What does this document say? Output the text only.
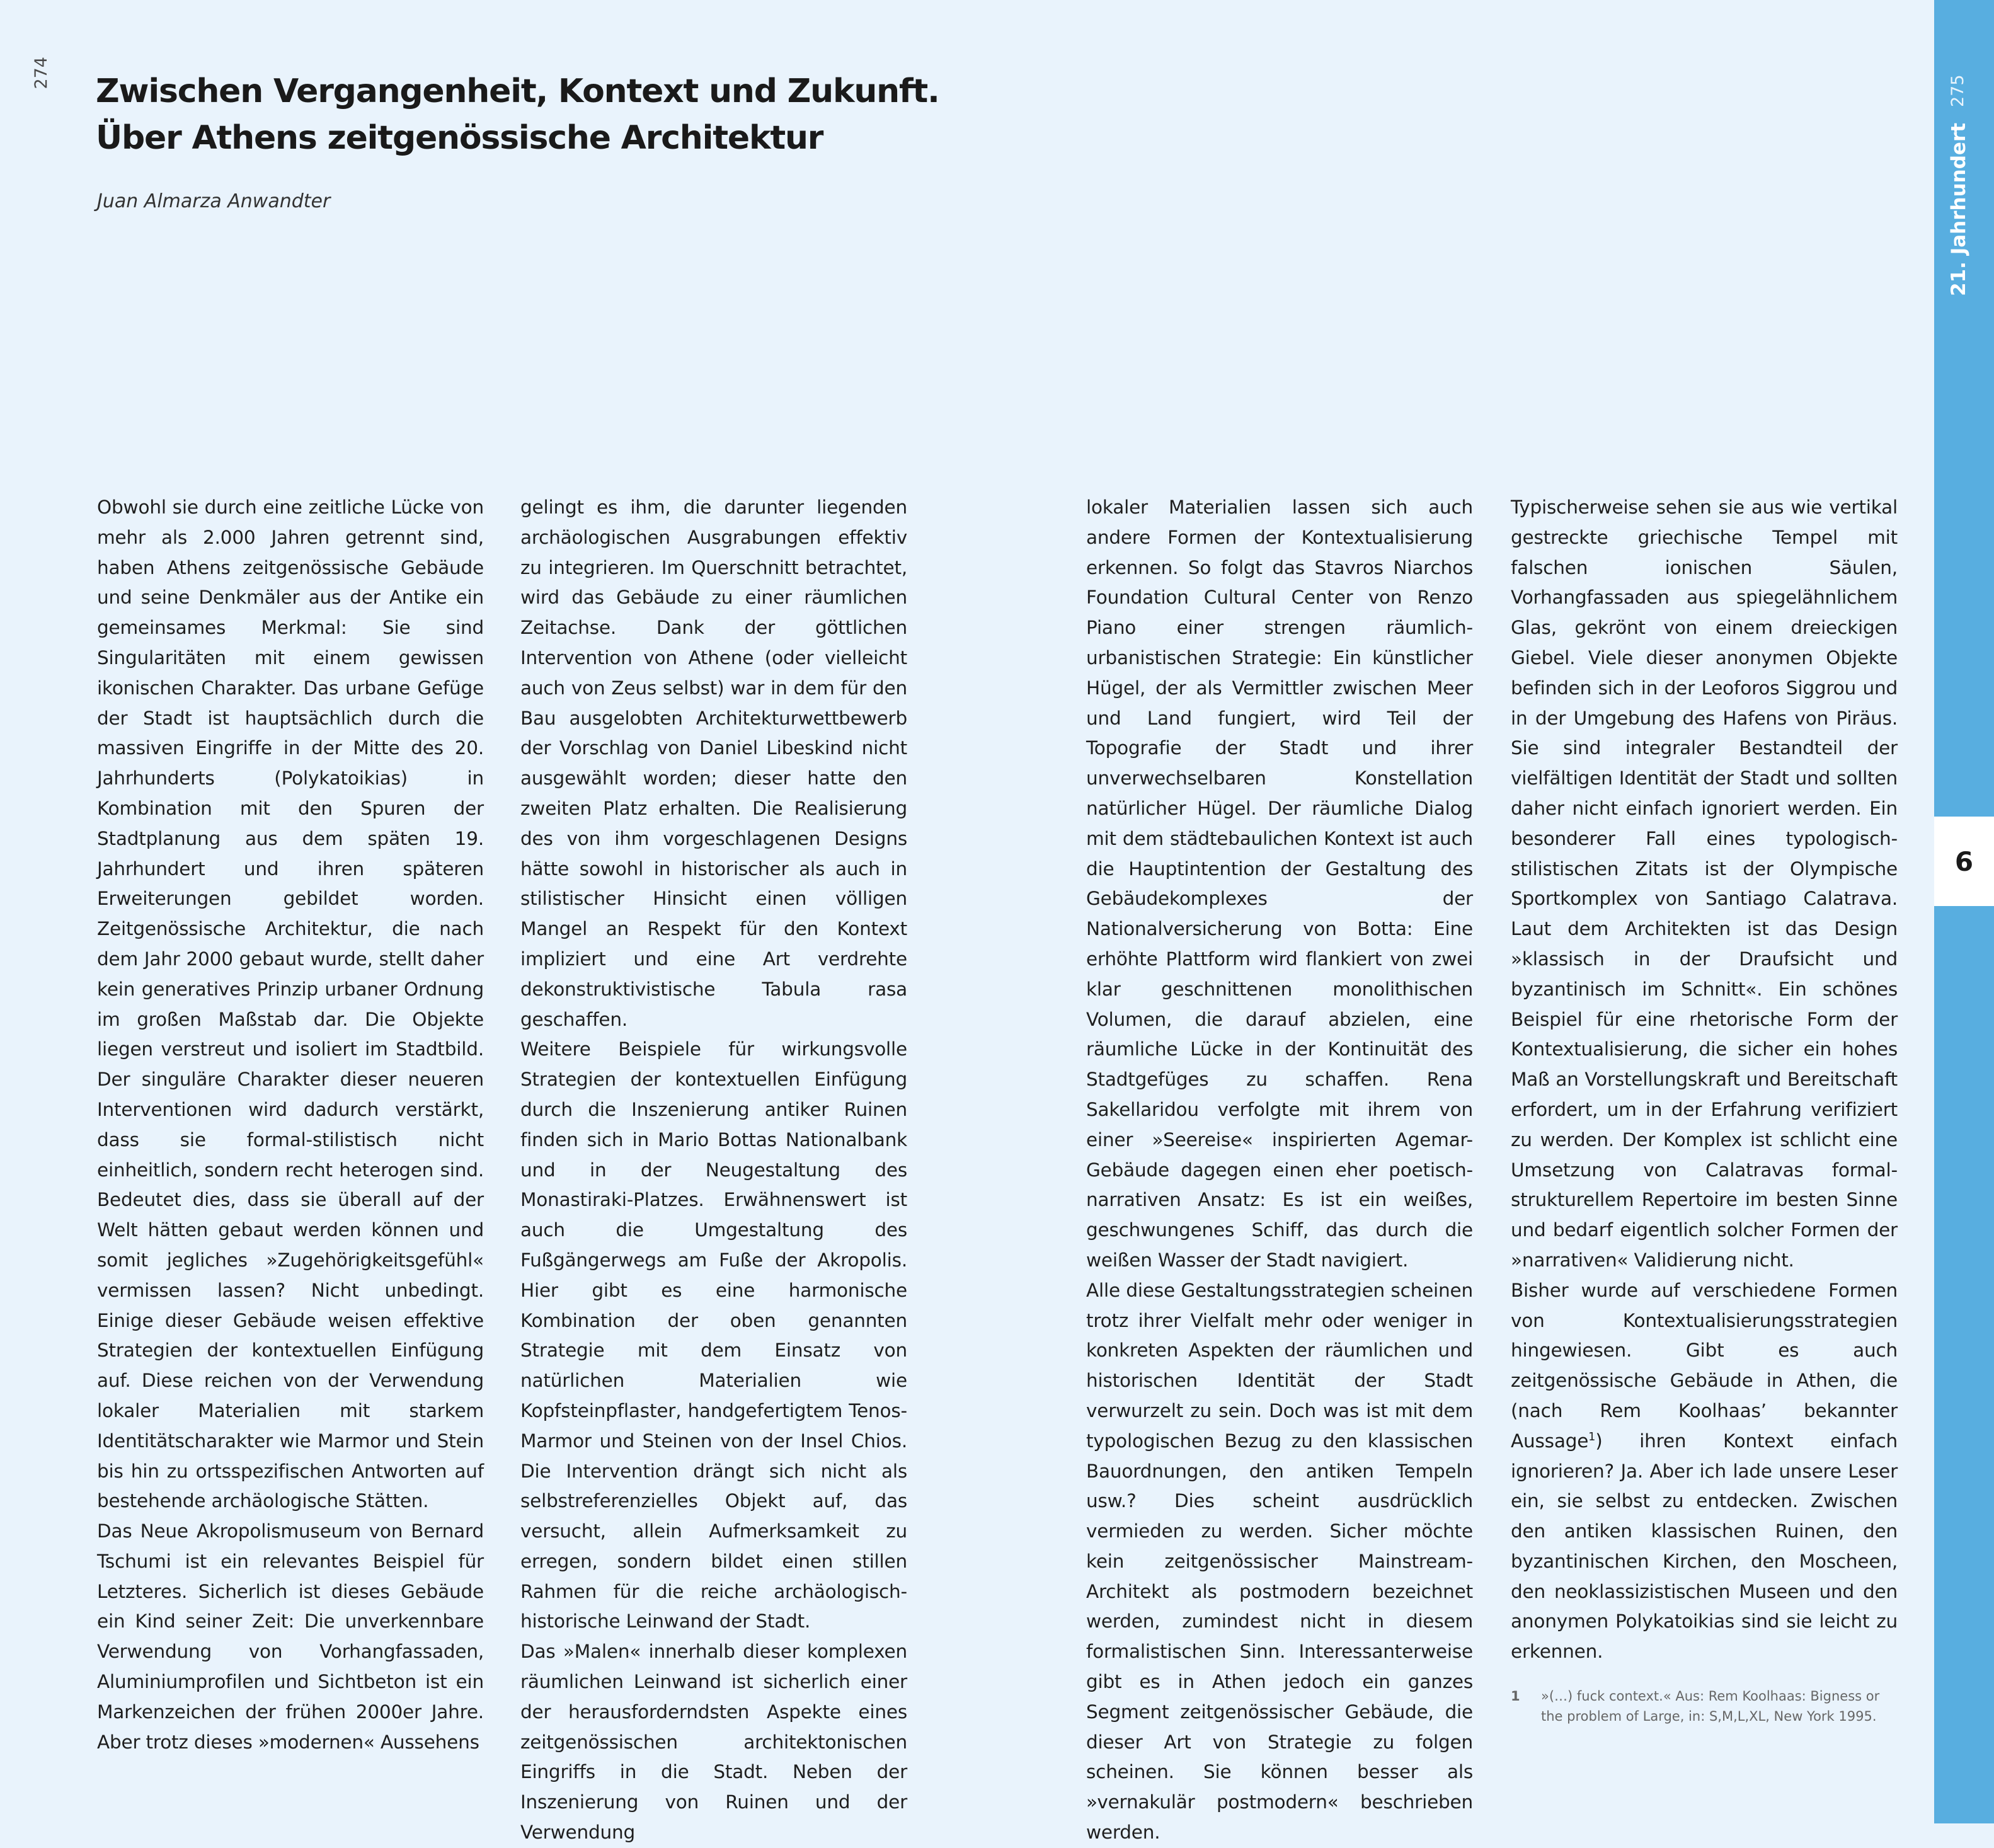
274 Zwischen Vergangenheit, Kontext und Zukunft.
Über Athens zeitgenössische Architektur
Juan Almarza Anwandter

Obwohl sie durch eine zeitliche Lücke von mehr als 2.000 Jahren getrennt sind, haben Athens zeitgenössische Gebäude und seine Denkmäler aus der Antike ein gemeinsames Merkmal: Sie sind Singularitäten mit einem gewissen ikonischen Charakter. Das urbane Gefüge der Stadt ist hauptsächlich durch die massiven Eingriffe in der Mitte des 20. Jahrhunderts (Polykatoikias) in Kombination mit den Spuren der Stadtplanung aus dem späten 19. Jahrhundert und ihren späteren Erweiterungen gebildet worden. Zeitgenössische Architektur, die nach dem Jahr 2000 gebaut wurde, stellt daher kein generatives Prinzip urbaner Ordnung im großen Maßstab dar. Die Objekte liegen verstreut und isoliert im Stadtbild. Der singuläre Charakter dieser neueren Interventionen wird dadurch verstärkt, dass sie formal-stilistisch nicht einheitlich, sondern recht heterogen sind. Bedeutet dies, dass sie überall auf der Welt hätten gebaut werden können und somit jegliches »Zugehörigkeitsgefühl« vermissen lassen? Nicht unbedingt. Einige dieser Gebäude weisen effektive Strategien der kontextuellen Einfügung auf. Diese reichen von der Verwendung lokaler Materialien mit starkem Identitätscharakter wie Marmor und Stein bis hin zu ortsspezifischen Antworten auf bestehende archäologische Stätten.

Das Neue Akropolismuseum von Bernard Tschumi ist ein relevantes Beispiel für Letzteres. Sicherlich ist dieses Gebäude ein Kind seiner Zeit: Die unverkennbare Verwendung von Vorhangfassaden, Aluminiumprofilen und Sichtbeton ist ein Markenzeichen der frühen 2000er Jahre. Aber trotz dieses »modernen« Aussehens

gelingt es ihm, die darunter liegenden archäologischen Ausgrabungen effektiv zu integrieren. Im Querschnitt betrachtet, wird das Gebäude zu einer räumlichen Zeitachse. Dank der göttlichen Intervention von Athene (oder vielleicht auch von Zeus selbst) war in dem für den Bau ausgelobten Architekturwettbewerb der Vorschlag von Daniel Libeskind nicht ausgewählt worden; dieser hatte den zweiten Platz erhalten. Die Realisierung des von ihm vorgeschlagenen Designs hätte sowohl in historischer als auch in stilistischer Hinsicht einen völligen Mangel an Respekt für den Kontext impliziert und eine Art verdrehte dekonstruktivistische Tabula rasa geschaffen.

Weitere Beispiele für wirkungsvolle Strategien der kontextuellen Einfügung durch die Inszenierung antiker Ruinen finden sich in Mario Bottas Nationalbank und in der Neugestaltung des Monastiraki-Platzes. Erwähnenswert ist auch die Umgestaltung des Fußgängerwegs am Fuße der Akropolis. Hier gibt es eine harmonische Kombination der oben genannten Strategie mit dem Einsatz von natürlichen Materialien wie Kopfsteinpflaster, handgefertigtem Tenos-Marmor und Steinen von der Insel Chios. Die Intervention drängt sich nicht als selbstreferenzielles Objekt auf, das versucht, allein Aufmerksamkeit zu erregen, sondern bildet einen stillen Rahmen für die reiche archäologisch-historische Leinwand der Stadt.

Das »Malen« innerhalb dieser komplexen räumlichen Leinwand ist sicherlich einer der herausforderndsten Aspekte eines zeitgenössischen architektonischen Eingriffs in die Stadt. Neben der Inszenierung von Ruinen und der Verwendung

lokaler Materialien lassen sich auch andere Formen der Kontextualisierung erkennen. So folgt das Stavros Niarchos Foundation Cultural Center von Renzo Piano einer strengen räumlich-urbanistischen Strategie: Ein künstlicher Hügel, der als Vermittler zwischen Meer und Land fungiert, wird Teil der Topografie der Stadt und ihrer unverwechselbaren Konstellation natürlicher Hügel. Der räumliche Dialog mit dem städtebaulichen Kontext ist auch die Hauptintention der Gestaltung des Gebäudekomplexes der Nationalversicherung von Botta: Eine erhöhte Plattform wird flankiert von zwei klar geschnittenen monolithischen Volumen, die darauf abzielen, eine räumliche Lücke in der Kontinuität des Stadtgefüges zu schaffen. Rena Sakellaridou verfolgte mit ihrem von einer »Seereise« inspirierten Agemar-Gebäude dagegen einen eher poetisch-narrativen Ansatz: Es ist ein weißes, geschwungenes Schiff, das durch die weißen Wasser der Stadt navigiert.

Alle diese Gestaltungsstrategien scheinen trotz ihrer Vielfalt mehr oder weniger in konkreten Aspekten der räumlichen und historischen Identität der Stadt verwurzelt zu sein. Doch was ist mit dem typologischen Bezug zu den klassischen Bauordnungen, den antiken Tempeln usw.? Dies scheint ausdrücklich vermieden zu werden. Sicher möchte kein zeitgenössischer Mainstream-Architekt als postmodern bezeichnet werden, zumindest nicht in diesem formalistischen Sinn. Interessanterweise gibt es in Athen jedoch ein ganzes Segment zeitgenössischer Gebäude, die dieser Art von Strategie zu folgen scheinen. Sie können besser als »vernakulär postmodern« beschrieben werden.

Typischerweise sehen sie aus wie vertikal gestreckte griechische Tempel mit falschen ionischen Säulen, Vorhangfassaden aus spiegelähnlichem Glas, gekrönt von einem dreieckigen Giebel. Viele dieser anonymen Objekte befinden sich in der Leoforos Siggrou und in der Umgebung des Hafens von Piräus. Sie sind integraler Bestandteil der vielfältigen Identität der Stadt und sollten daher nicht einfach ignoriert werden. Ein besonderer Fall eines typologisch-stilistischen Zitats ist der Olympische Sportkomplex von Santiago Calatrava. Laut dem Architekten ist das Design »klassisch in der Draufsicht und byzantinisch im Schnitt«. Ein schönes Beispiel für eine rhetorische Form der Kontextualisierung, die sicher ein hohes Maß an Vorstellungskraft und Bereitschaft erfordert, um in der Erfahrung verifiziert zu werden. Der Komplex ist schlicht eine Umsetzung von Calatravas formal-strukturellem Repertoire im besten Sinne und bedarf eigentlich solcher Formen der »narrativen« Validierung nicht.

Bisher wurde auf verschiedene Formen von Kontextualisierungsstrategien hingewiesen. Gibt es auch zeitgenössische Gebäude in Athen, die (nach Rem Koolhaas’ bekannter Aussage$^1$) ihren Kontext einfach ignorieren? Ja. Aber ich lade unsere Leser ein, sie selbst zu entdecken. Zwischen den antiken klassischen Ruinen, den byzantinischen Kirchen, den Moscheen, den neoklassizistischen Museen und den anonymen Polykatoikias sind sie leicht zu erkennen.

1 »(…) fuck context.« Aus: Rem Koolhaas: Bigness or the problem of Large, in: S,M,L,XL, New York 1995.
275
21. Jahrhundert
6
